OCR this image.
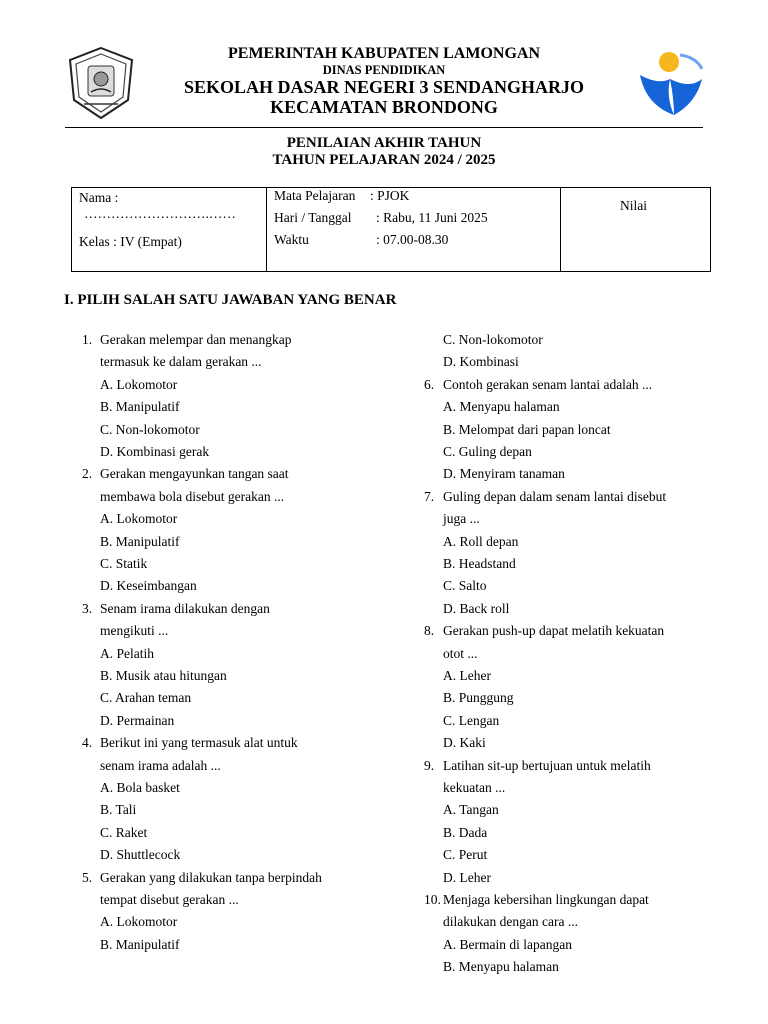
PEMERINTAH KABUPATEN LAMONGAN
DINAS PENDIDIKAN
SEKOLAH DASAR NEGERI 3 SENDANGHARJO
KECAMATAN BRONDONG
PENILAIAN AKHIR TAHUN
TAHUN PELAJARAN 2024 / 2025
Nama :
……………………….……
Kelas : IV (Empat)
Mata Pelajaran : PJOK
Hari / Tanggal : Rabu, 11 Juni 2025
Waktu	: 07.00-08.30
Nilai
I. PILIH SALAH SATU JAWABAN YANG BENAR
1. Gerakan melempar dan menangkap
termasuk ke dalam gerakan ...
A. Lokomotor
B. Manipulatif
C. Non-lokomotor
D. Kombinasi gerak
2. Gerakan mengayunkan tangan saat
membawa bola disebut gerakan ...
A. Lokomotor
B. Manipulatif
C. Statik
D. Keseimbangan
3. Senam irama dilakukan dengan
mengikuti ...
A. Pelatih
B. Musik atau hitungan
C. Arahan teman
D. Permainan
4. Berikut ini yang termasuk alat untuk
senam irama adalah ...
A. Bola basket
B. Tali
C. Raket
D. Shuttlecock
5. Gerakan yang dilakukan tanpa berpindah
tempat disebut gerakan ...
A. Lokomotor
B. Manipulatif
C. Non-lokomotor
D. Kombinasi
6. Contoh gerakan senam lantai adalah ...
A. Menyapu halaman
B. Melompat dari papan loncat
C. Guling depan
D. Menyiram tanaman
7. Guling depan dalam senam lantai disebut
juga ...
A. Roll depan
B. Headstand
C. Salto
D. Back roll
8. Gerakan push-up dapat melatih kekuatan
otot ...
A. Leher
B. Punggung
C. Lengan
D. Kaki
9. Latihan sit-up bertujuan untuk melatih
kekuatan ...
A. Tangan
B. Dada
C. Perut
D. Leher
10. Menjaga kebersihan lingkungan dapat
dilakukan dengan cara ...
A. Bermain di lapangan
B. Menyapu halaman
